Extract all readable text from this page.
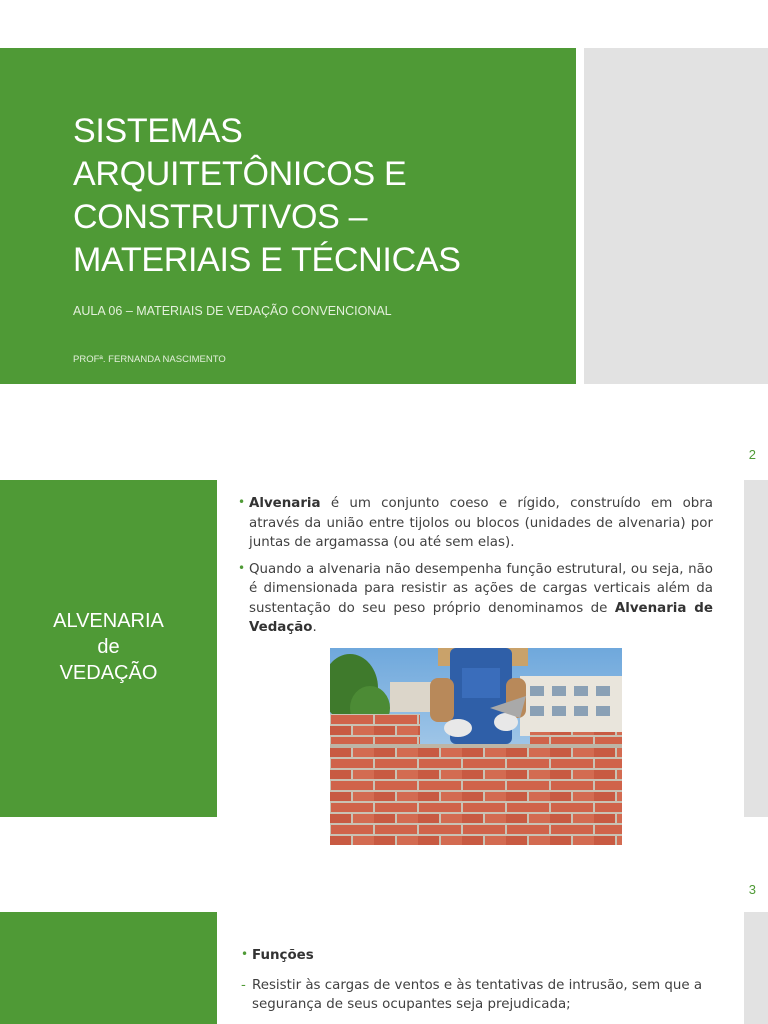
SISTEMAS
ARQUITETÔNICOS E
CONSTRUTIVOS –
MATERIAIS E TÉCNICAS

AULA 06 – MATERIAIS DE VEDAÇÃO CONVENCIONAL

PROFª. FERNANDA NASCIMENTO

2
ALVENARIA
de
VEDAÇÃO
• Alvenaria é um conjunto coeso e rígido, construído em obra através da união entre tijolos ou blocos (unidades de alvenaria) por juntas de argamassa (ou até sem elas).
• Quando a alvenaria não desempenha função estrutural, ou seja, não é dimensionada para resistir as ações de cargas verticais além da sustentação do seu peso próprio denominamos de Alvenaria de Vedação.
3
• Funções
- Resistir às cargas de ventos e às tentativas de intrusão, sem que a segurança de seus ocupantes seja prejudicada;
